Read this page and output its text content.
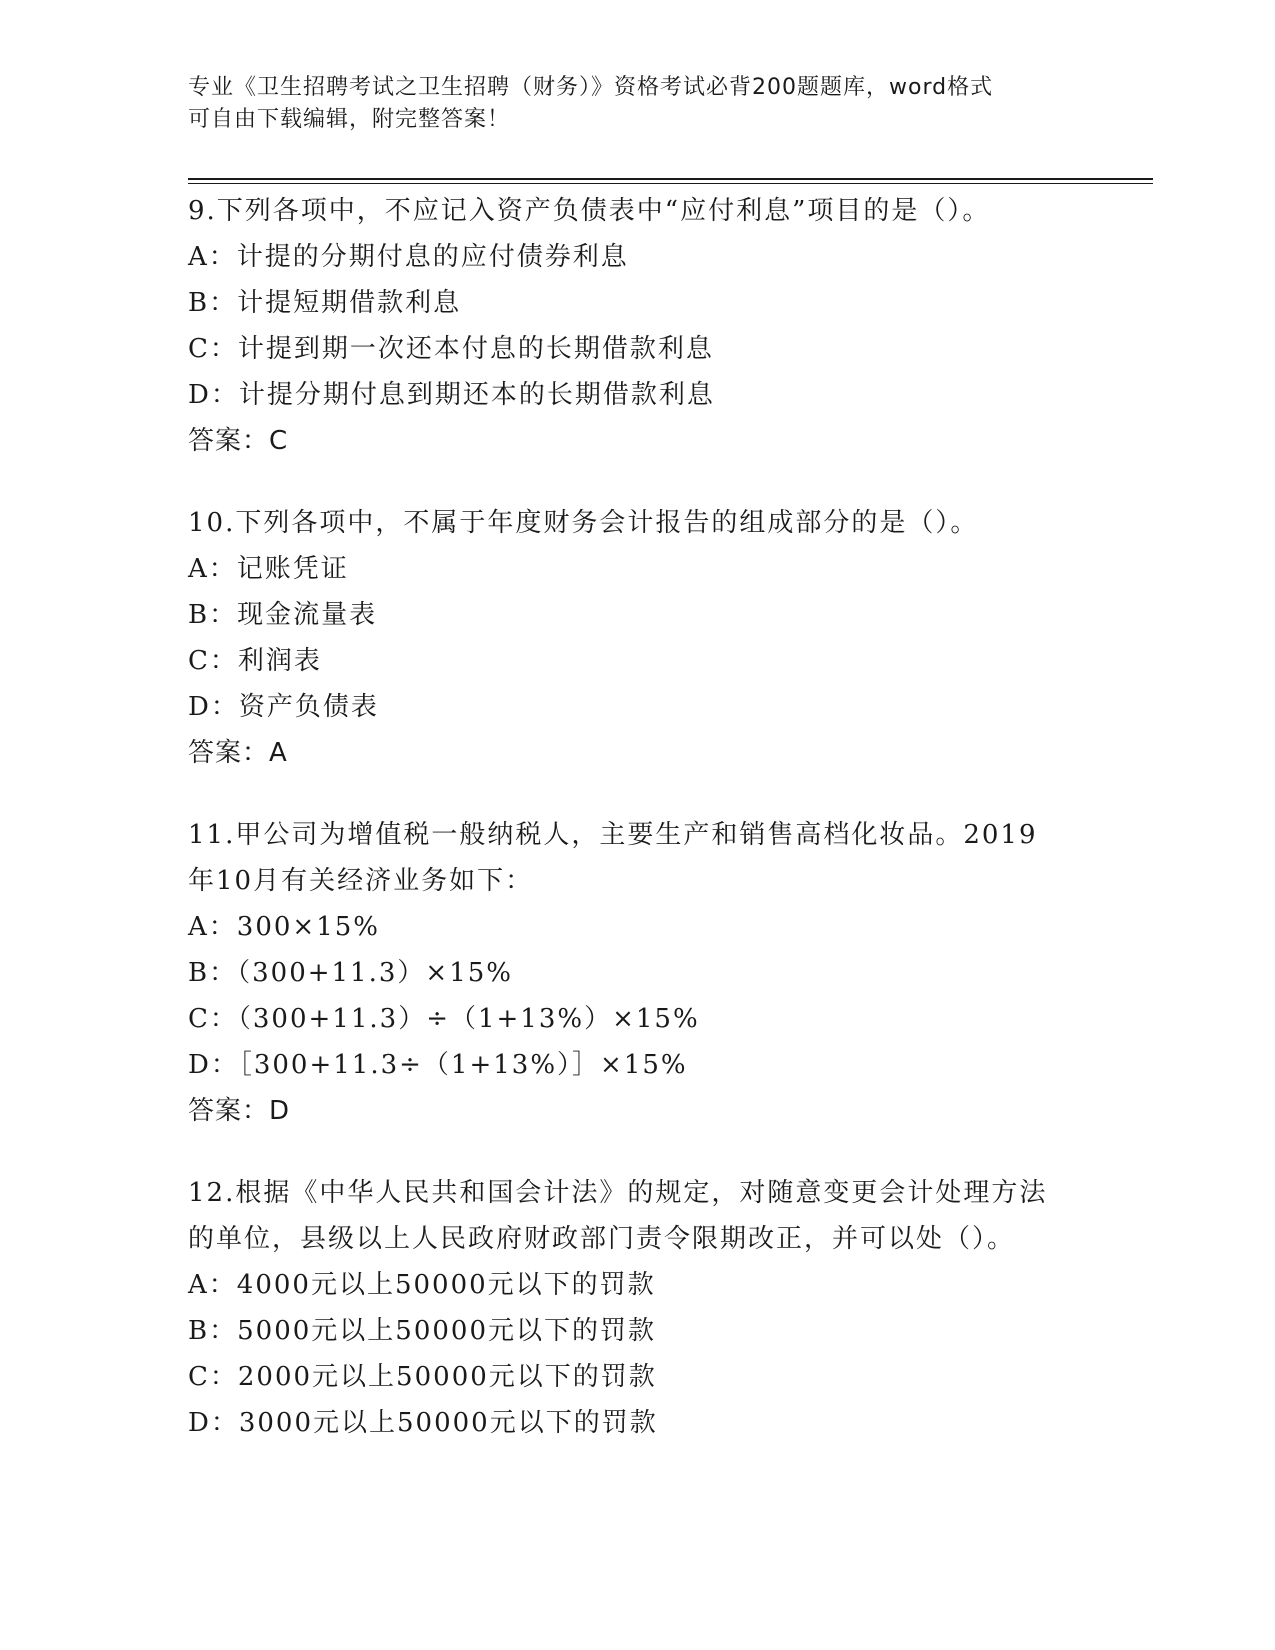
专业《卫生招聘考试之卫生招聘（财务）》资格考试必背200题题库，word格式
可自由下载编辑，附完整答案！
9.下列各项中，不应记入资产负债表中“应付利息”项目的是（）。
A：计提的分期付息的应付债券利息
B：计提短期借款利息
C：计提到期一次还本付息的长期借款利息
D：计提分期付息到期还本的长期借款利息
答案：C
10.下列各项中，不属于年度财务会计报告的组成部分的是（）。
A：记账凭证
B：现金流量表
C：利润表
D：资产负债表
答案：A
11.甲公司为增值税一般纳税人，主要生产和销售高档化妆品。2019
年10月有关经济业务如下：
A：300×15%
B：（300+11.3）×15%
C：（300+11.3）÷（1+13%）×15%
D：［300+11.3÷（1+13%）］×15%
答案：D
12.根据《中华人民共和国会计法》的规定，对随意变更会计处理方法
的单位，县级以上人民政府财政部门责令限期改正，并可以处（）。
A：4000元以上50000元以下的罚款
B：5000元以上50000元以下的罚款
C：2000元以上50000元以下的罚款
D：3000元以上50000元以下的罚款
